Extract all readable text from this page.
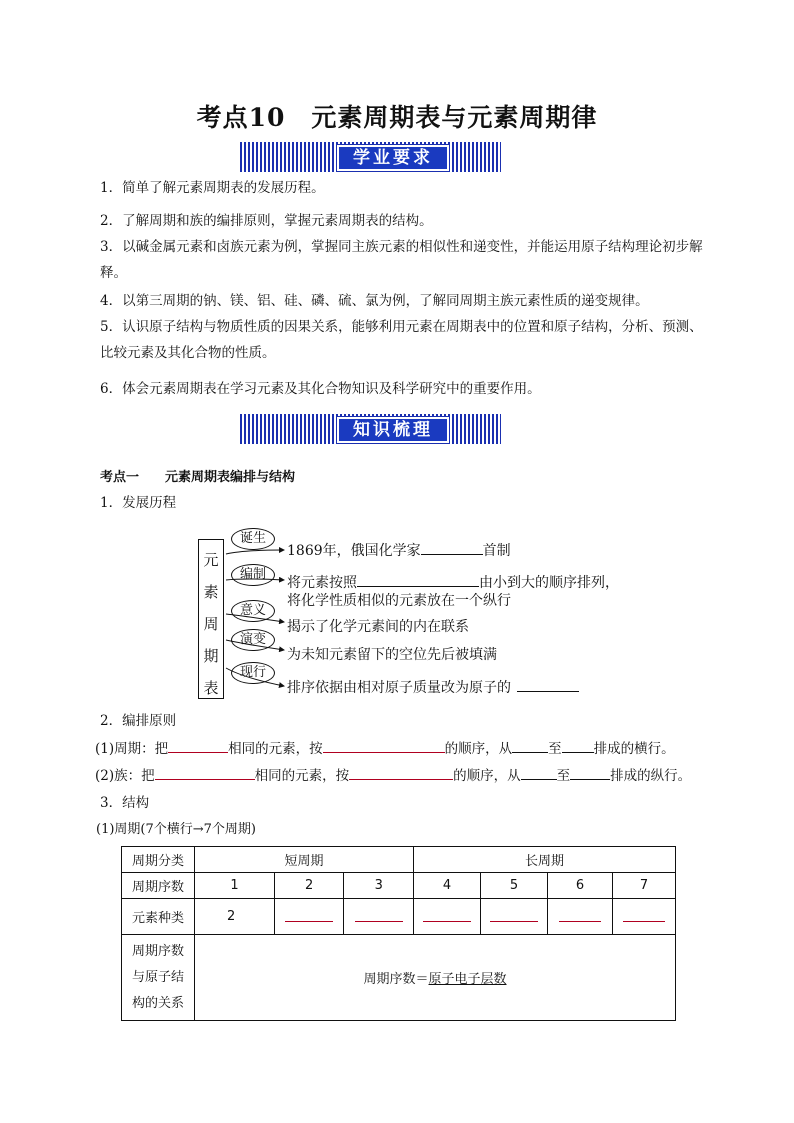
考点10　元素周期表与元素周期律
学业要求
1．简单了解元素周期表的发展历程。
2．了解周期和族的编排原则，掌握元素周期表的结构。
3．以碱金属元素和卤族元素为例，掌握同主族元素的相似性和递变性，并能运用原子结构理论初步解
释。
4．以第三周期的钠、镁、铝、硅、磷、硫、氯为例，了解同周期主族元素性质的递变规律。
5．认识原子结构与物质性质的因果关系，能够利用元素在周期表中的位置和原子结构，分析、预测、
比较元素及其化合物的性质。
6．体会元素周期表在学习元素及其化合物知识及科学研究中的重要作用。
知识梳理
考点一　　元素周期表编排与结构
1．发展历程
元
素
周
期
表
诞生
编制
意义
演变
现行
1869年，俄国化学家	首制
将元素按照	由小到大的顺序排列，
将化学性质相似的元素放在一个纵行
揭示了化学元素间的内在联系
为未知元素留下的空位先后被填满
排序依据由相对原子质量改为原子的
2．编排原则
(1)周期：把	相同的元素，按	的顺序，从	至 排成的横行。
(2)族：把	相同的元素，按	的顺序，从	至	排成的纵行。
3．结构
(1)周期(7个横行→7个周期)
周期分类	短周期			长周期			
周期序数	1	2	3	4	5	6	7
元素种类	2						

周期序数
与原子结
构的关系	周期序数＝原子电子层数						
